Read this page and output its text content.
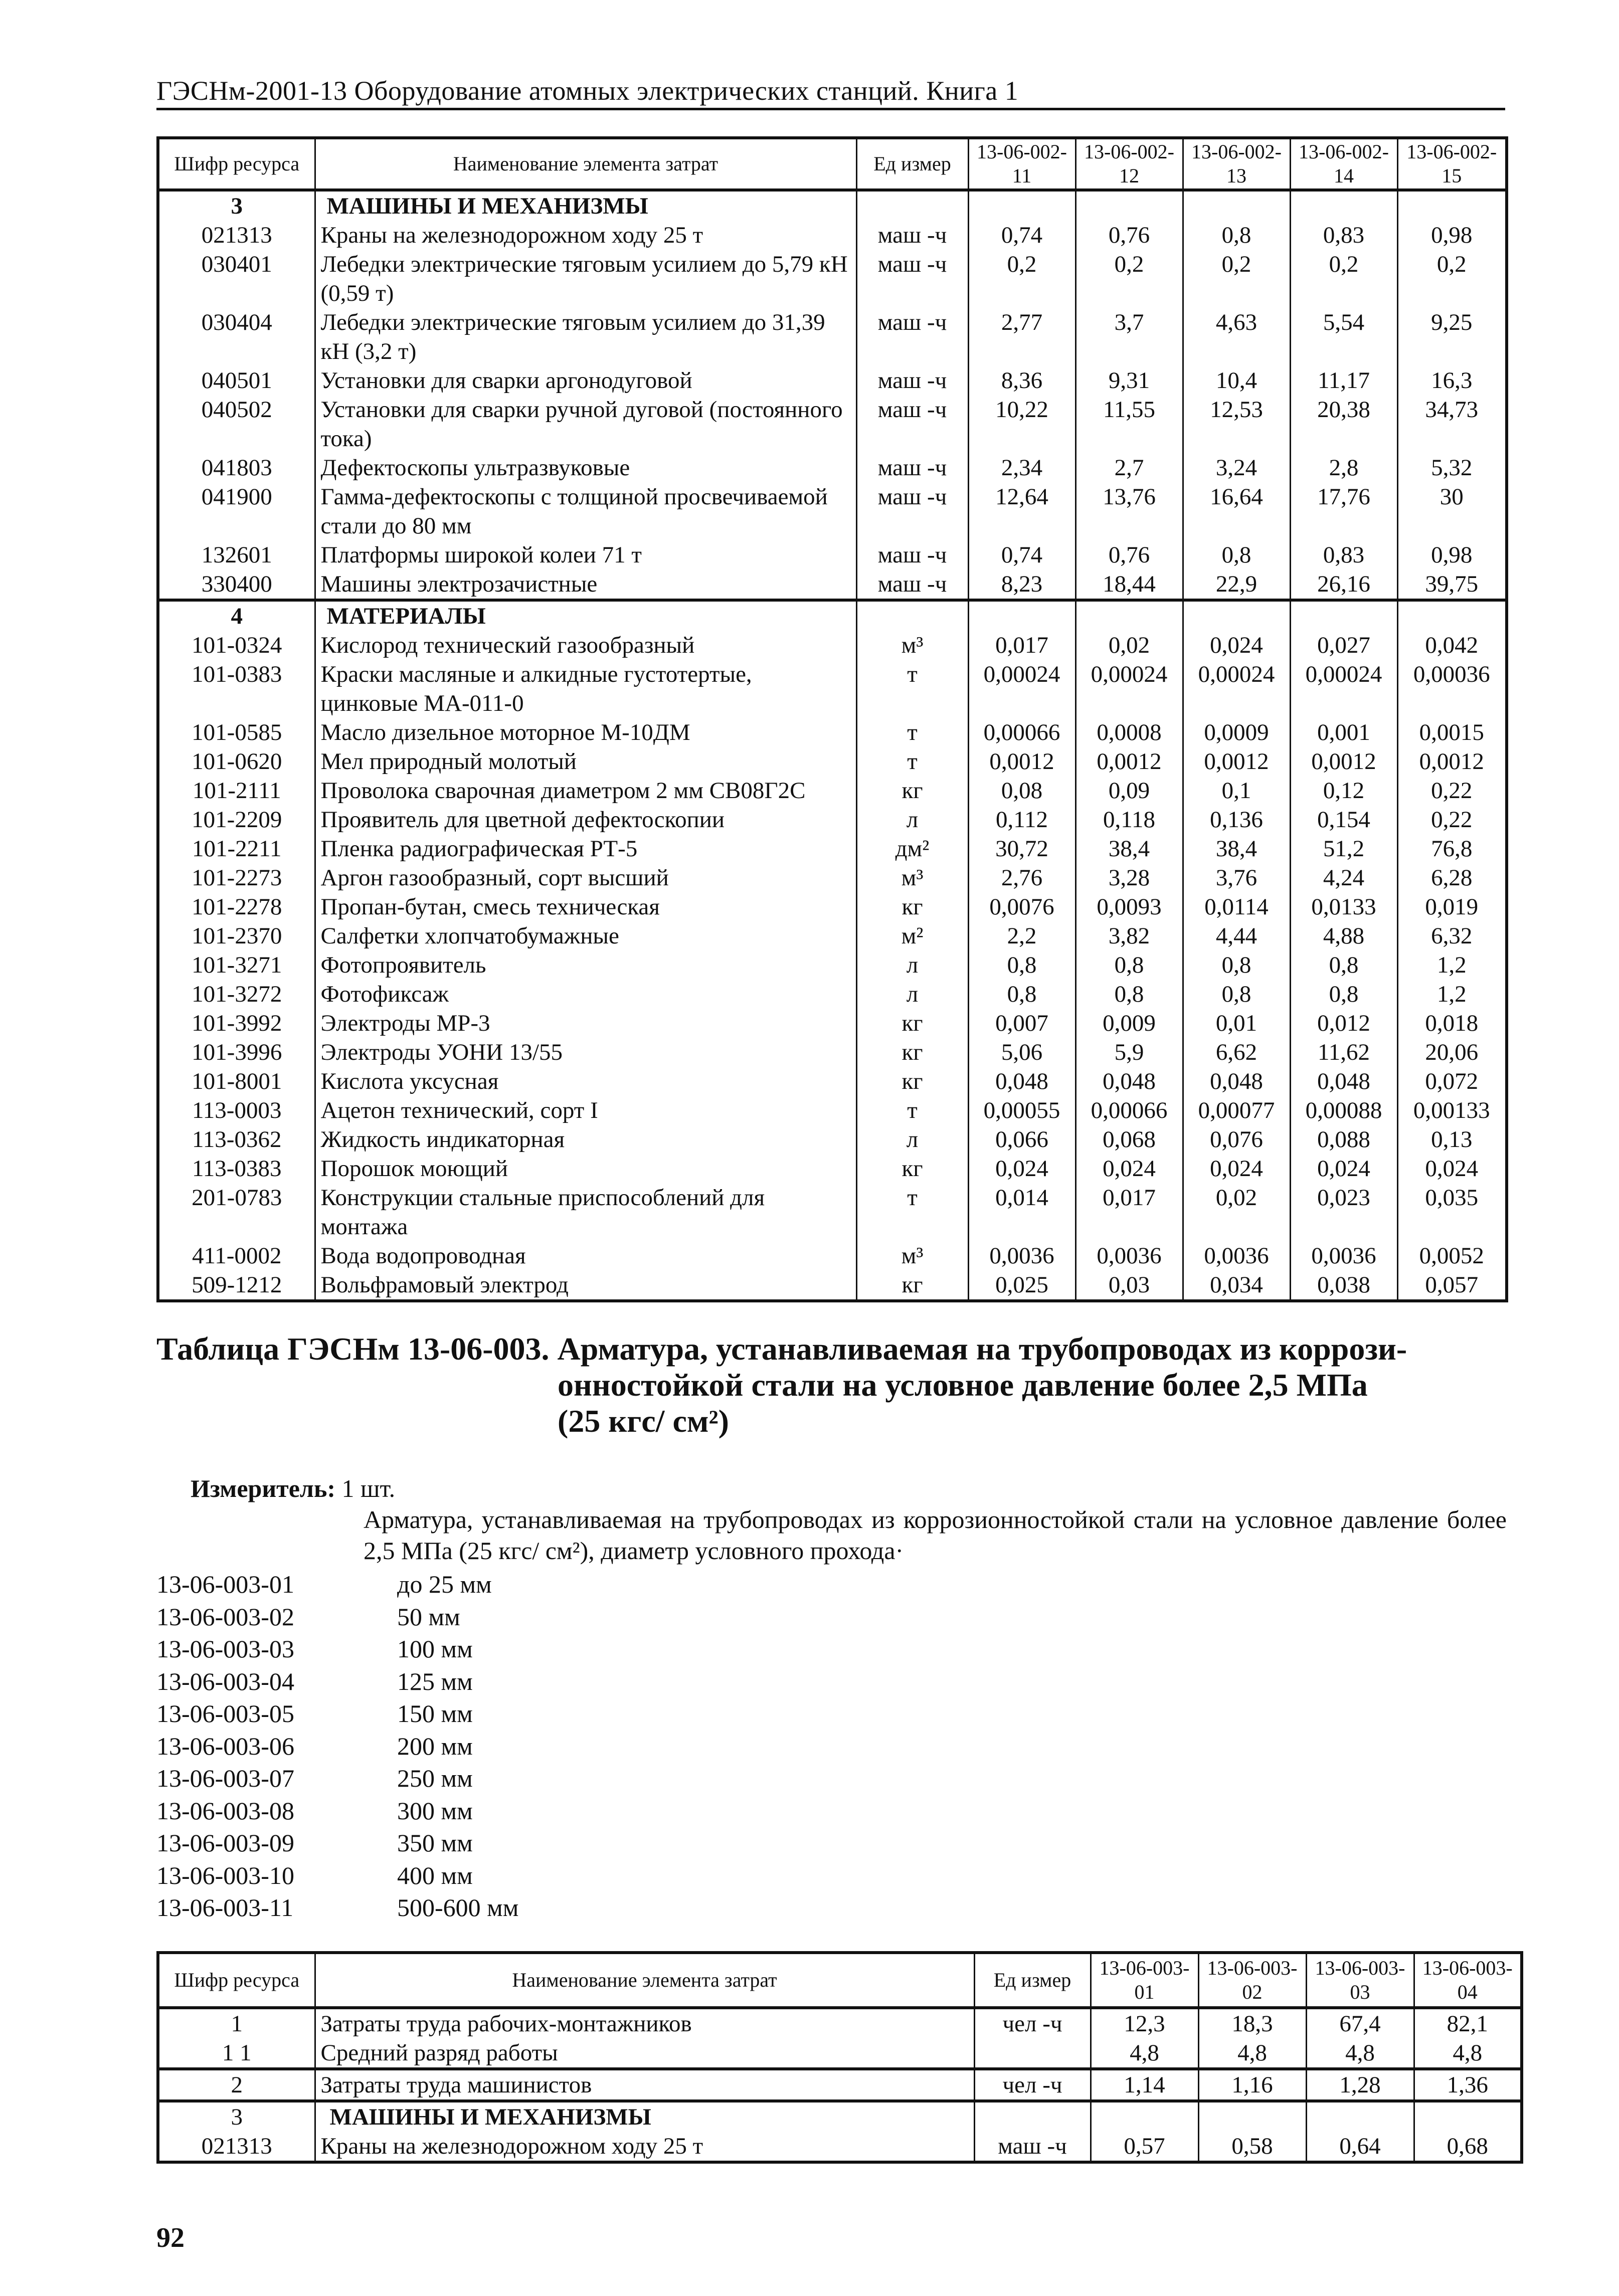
ГЭСНм-2001-13 Оборудование атомных электрических станций. Книга 1
Шифр ресурса	Наименование элемента затрат	Ед измер	13-06-002-11	13-06-002-12	13-06-002-13	13-06-002-14	13-06-002-15
3	МАШИНЫ И МЕХАНИЗМЫ						
021313	Краны на железнодорожном ходу 25 т	маш -ч	0,74	0,76	0,8	0,83	0,98
030401	Лебедки электрические тяговым усилием до 5,79 кН (0,59 т)	маш -ч	0,2	0,2	0,2	0,2	0,2
030404	Лебедки электрические тяговым усилием до 31,39 кН (3,2 т)	маш -ч	2,77	3,7	4,63	5,54	9,25
040501	Установки для сварки аргонодуговой	маш -ч	8,36	9,31	10,4	11,17	16,3
040502	Установки для сварки ручной дуговой (постоянного тока)	маш -ч	10,22	11,55	12,53	20,38	34,73
041803	Дефектоскопы ультразвуковые	маш -ч	2,34	2,7	3,24	2,8	5,32
041900	Гамма-дефектоскопы с толщиной просвечиваемой стали до 80 мм	маш -ч	12,64	13,76	16,64	17,76	30
132601	Платформы широкой колеи 71 т	маш -ч	0,74	0,76	0,8	0,83	0,98
330400	Машины электрозачистные	маш -ч	8,23	18,44	22,9	26,16	39,75
4	МАТЕРИАЛЫ						
101-0324	Кислород технический газообразный	м³	0,017	0,02	0,024	0,027	0,042
101-0383	Краски масляные и алкидные густотертые, цинковые МА-011-0	т	0,00024	0,00024	0,00024	0,00024	0,00036
101-0585	Масло дизельное моторное М-10ДМ	т	0,00066	0,0008	0,0009	0,001	0,0015
101-0620	Мел природный молотый	т	0,0012	0,0012	0,0012	0,0012	0,0012
101-2111	Проволока сварочная диаметром 2 мм СВ08Г2С	кг	0,08	0,09	0,1	0,12	0,22
101-2209	Проявитель для цветной дефектоскопии	л	0,112	0,118	0,136	0,154	0,22
101-2211	Пленка радиографическая РТ-5	дм²	30,72	38,4	38,4	51,2	76,8
101-2273	Аргон газообразный, сорт высший	м³	2,76	3,28	3,76	4,24	6,28
101-2278	Пропан-бутан, смесь техническая	кг	0,0076	0,0093	0,0114	0,0133	0,019
101-2370	Салфетки хлопчатобумажные	м²	2,2	3,82	4,44	4,88	6,32
101-3271	Фотопроявитель	л	0,8	0,8	0,8	0,8	1,2
101-3272	Фотофиксаж	л	0,8	0,8	0,8	0,8	1,2
101-3992	Электроды МР-3	кг	0,007	0,009	0,01	0,012	0,018
101-3996	Электроды УОНИ 13/55	кг	5,06	5,9	6,62	11,62	20,06
101-8001	Кислота уксусная	кг	0,048	0,048	0,048	0,048	0,072
113-0003	Ацетон технический, сорт I	т	0,00055	0,00066	0,00077	0,00088	0,00133
113-0362	Жидкость индикаторная	л	0,066	0,068	0,076	0,088	0,13
113-0383	Порошок моющий	кг	0,024	0,024	0,024	0,024	0,024
201-0783	Конструкции стальные приспособлений для монтажа	т	0,014	0,017	0,02	0,023	0,035
411-0002	Вода водопроводная	м³	0,0036	0,0036	0,0036	0,0036	0,0052
509-1212	Вольфрамовый электрод	кг	0,025	0,03	0,034	0,038	0,057
Таблица ГЭСНм 13-06-003. Арматура, устанавливаемая на трубопроводах из коррози-
онностойкой стали на условное давление более 2,5 МПа
(25 кгс/ см²)
Измеритель: 1 шт.
Арматура, устанавливаемая на трубопроводах из коррозионностойкой стали на условное давление более 2,5 МПа (25 кгс/ см²), диаметр условного прохода·
13-06-003-01	до 25 мм
13-06-003-02	50 мм
13-06-003-03	100 мм
13-06-003-04	125 мм
13-06-003-05	150 мм
13-06-003-06	200 мм
13-06-003-07	250 мм
13-06-003-08	300 мм
13-06-003-09	350 мм
13-06-003-10	400 мм
13-06-003-11	500-600 мм
Шифр ресурса	Наименование элемента затрат	Ед измер	13-06-003-01	13-06-003-02	13-06-003-03	13-06-003-04
1	Затраты труда рабочих-монтажников	чел -ч	12,3	18,3	67,4	82,1
1 1	Средний разряд работы		4,8	4,8	4,8	4,8
2	Затраты труда машинистов	чел -ч	1,14	1,16	1,28	1,36
3	МАШИНЫ И МЕХАНИЗМЫ					
021313	Краны на железнодорожном ходу 25 т	маш -ч	0,57	0,58	0,64	0,68
92
